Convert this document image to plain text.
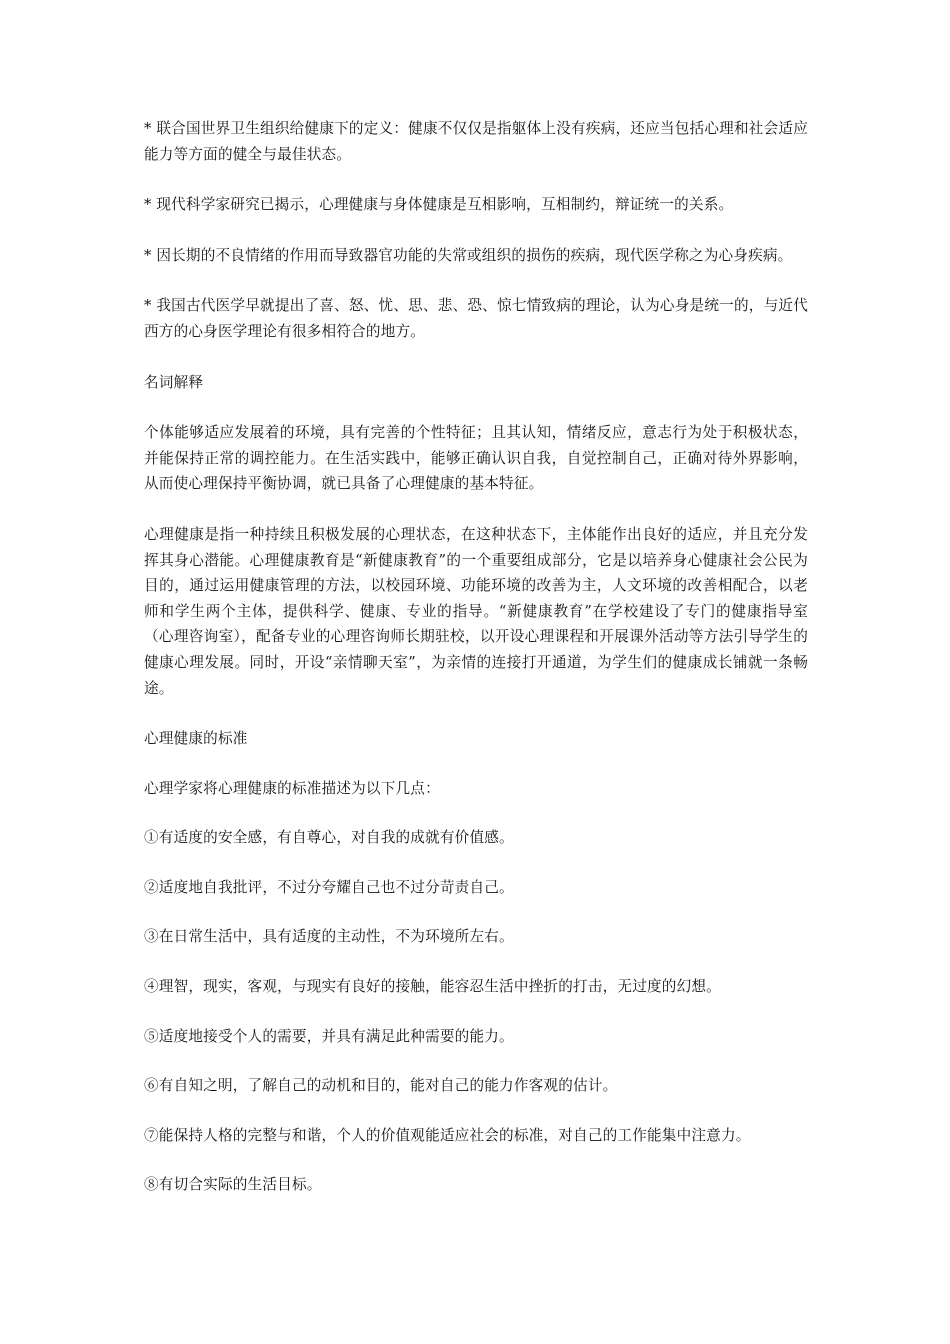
* 联合国世界卫生组织给健康下的定义：健康不仅仅是指躯体上没有疾病，还应当包括心理和社会适应能力等方面的健全与最佳状态。

* 现代科学家研究已揭示，心理健康与身体健康是互相影响，互相制约，辩证统一的关系。

* 因长期的不良情绪的作用而导致器官功能的失常或组织的损伤的疾病，现代医学称之为心身疾病。

* 我国古代医学早就提出了喜、怒、忧、思、悲、恐、惊七情致病的理论，认为心身是统一的，与近代西方的心身医学理论有很多相符合的地方。

名词解释

个体能够适应发展着的环境，具有完善的个性特征；且其认知，情绪反应，意志行为处于积极状态，并能保持正常的调控能力。在生活实践中，能够正确认识自我，自觉控制自己，正确对待外界影响，从而使心理保持平衡协调，就已具备了心理健康的基本特征。

心理健康是指一种持续且积极发展的心理状态，在这种状态下，主体能作出良好的适应，并且充分发挥其身心潜能。心理健康教育是“新健康教育”的一个重要组成部分，它是以培养身心健康社会公民为目的，通过运用健康管理的方法，以校园环境、功能环境的改善为主，人文环境的改善相配合，以老师和学生两个主体，提供科学、健康、专业的指导。“新健康教育”在学校建设了专门的健康指导室（心理咨询室），配备专业的心理咨询师长期驻校，以开设心理课程和开展课外活动等方法引导学生的健康心理发展。同时，开设“亲情聊天室”，为亲情的连接打开通道，为学生们的健康成长铺就一条畅途。

心理健康的标准

心理学家将心理健康的标准描述为以下几点：

①有适度的安全感，有自尊心，对自我的成就有价值感。

②适度地自我批评，不过分夸耀自己也不过分苛责自己。

③在日常生活中，具有适度的主动性，不为环境所左右。

④理智，现实，客观，与现实有良好的接触，能容忍生活中挫折的打击，无过度的幻想。

⑤适度地接受个人的需要，并具有满足此种需要的能力。

⑥有自知之明，了解自己的动机和目的，能对自己的能力作客观的估计。

⑦能保持人格的完整与和谐，个人的价值观能适应社会的标准，对自己的工作能集中注意力。

⑧有切合实际的生活目标。
